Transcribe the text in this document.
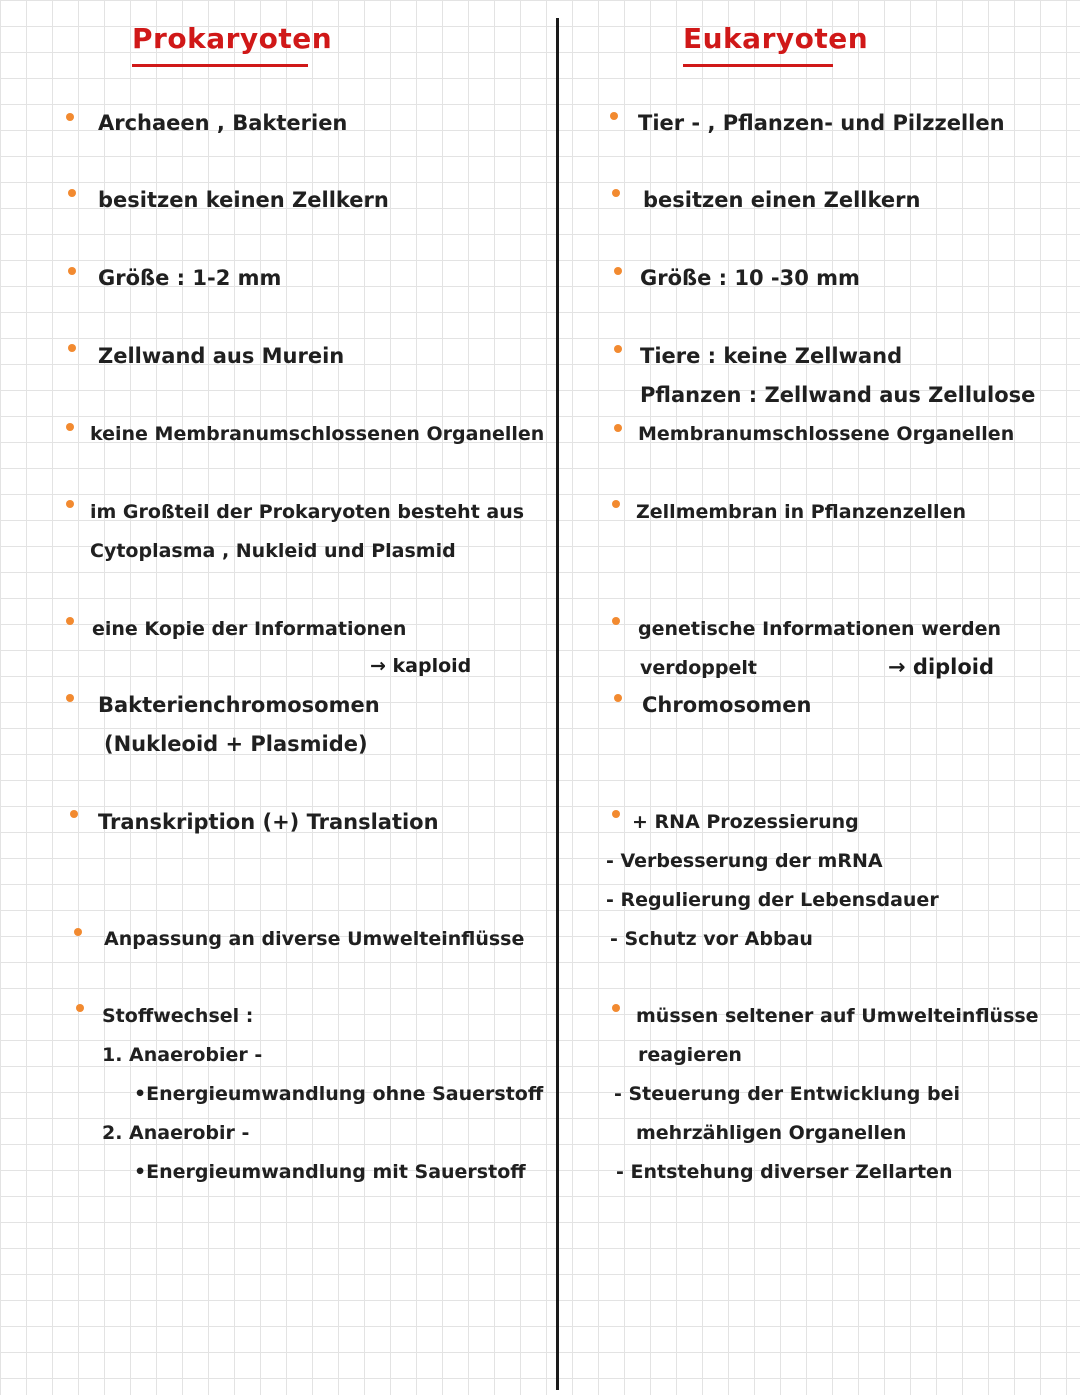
Prokaryoten	Eukaryoten
Archaeen , Bakterien
besitzen keinen Zellkern
Größe : 1-2 mm
Zellwand aus Murein
keine Membranumschlossenen Organellen
im Großteil der Prokaryoten besteht aus
Cytoplasma , Nukleid und Plasmid
eine Kopie der Informationen
→ kaploid
Bakterienchromosomen
(Nukleoid + Plasmide)
Transkription (+) Translation
Anpassung an diverse Umwelteinflüsse
Stoffwechsel :
1. Anaerobier -
•Energieumwandlung ohne Sauerstoff
2. Anaerobir -
•Energieumwandlung mit Sauerstoff
Tier - , Pflanzen- und Pilzzellen
besitzen einen Zellkern
Größe : 10 -30 mm
Tiere : keine Zellwand
Pflanzen : Zellwand aus Zellulose
Membranumschlossene Organellen
Zellmembran in Pflanzenzellen
genetische Informationen werden
verdoppelt	→ diploid
Chromosomen
+ RNA Prozessierung
- Verbesserung der mRNA
- Regulierung der Lebensdauer
- Schutz vor Abbau
müssen seltener auf Umwelteinflüsse
reagieren
- Steuerung der Entwicklung bei
mehrzähligen Organellen
- Entstehung diverser Zellarten
